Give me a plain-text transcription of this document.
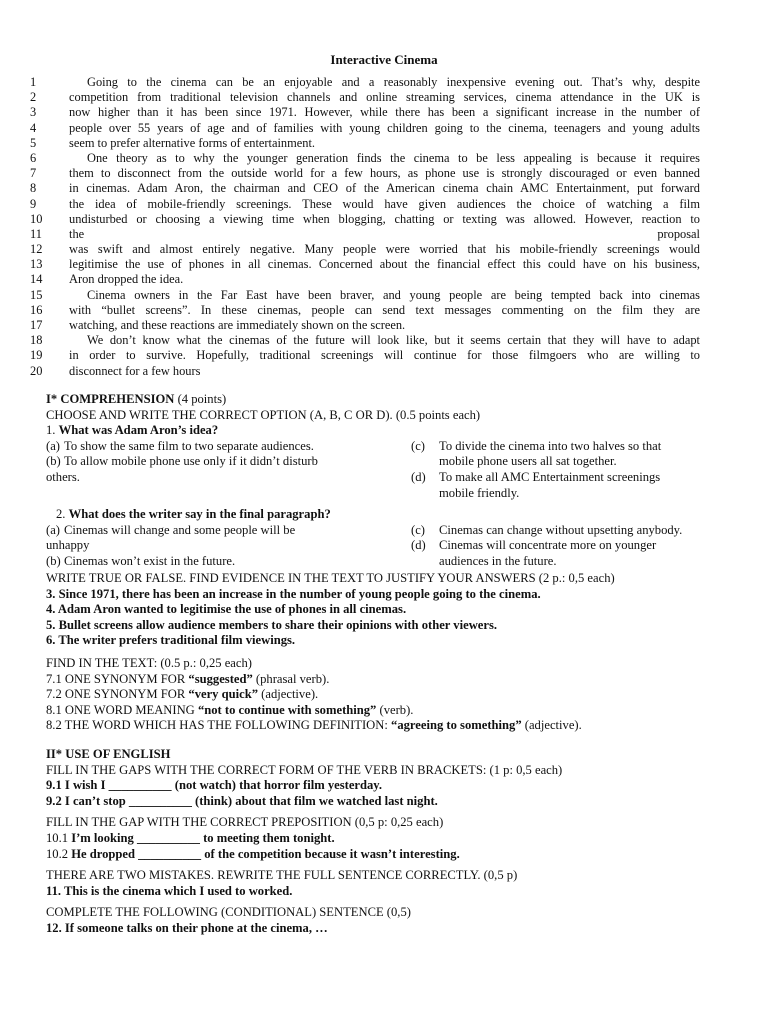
Interactive Cinema
1	Going to the cinema can be an enjoyable and a reasonably inexpensive evening out. That’s why, despite
2	competition from traditional television channels and online streaming services, cinema attendance in the UK is
3	now higher than it has been since 1971. However, while there has been a significant increase in the number of
4	people over 55 years of age and of families with young children going to the cinema, teenagers and young adults
5	seem to prefer alternative forms of entertainment.
6	One theory as to why the younger generation finds the cinema to be less appealing is because it requires
7	them to disconnect from the outside world for a few hours, as phone use is strongly discouraged or even banned
8	in cinemas. Adam Aron, the chairman and CEO of the American cinema chain AMC Entertainment, put forward
9	the idea of mobile-friendly screenings. These would have given audiences the choice of watching a film
10	undisturbed or choosing a viewing time when blogging, chatting or texting was allowed. However, reaction to
11	the proposal
12	was swift and almost entirely negative. Many people were worried that his mobile-friendly screenings would
13	legitimise the use of phones in all cinemas. Concerned about the financial effect this could have on his business,
14	Aron dropped the idea.
15	Cinema owners in the Far East have been braver, and young people are being tempted back into cinemas
16	with “bullet screens”. In these cinemas, people can send text messages commenting on the film they are
17	watching, and these reactions are immediately shown on the screen.
18	We don’t know what the cinemas of the future will look like, but it seems certain that they will have to adapt
19	in order to survive. Hopefully, traditional screenings will continue for those filmgoers who are willing to
20	disconnect for a few hours
I* COMPREHENSION (4 points)
CHOOSE AND WRITE THE CORRECT OPTION (A, B, C OR D). (0.5 points each)
1. What was Adam Aron’s idea?
(a) To show the same film to two separate audiences.
(b) To allow mobile phone use only if it didn’t disturb
others.
(c)	To divide the cinema into two halves so that
mobile phone users all sat together.
(d)	To make all AMC Entertainment screenings
mobile friendly.
2. What does the writer say in the final paragraph?
(a) Cinemas will change and some people will be
unhappy
(b) Cinemas won’t exist in the future.
(c)	Cinemas can change without upsetting anybody.
(d)	Cinemas will concentrate more on younger
audiences in the future.
WRITE TRUE OR FALSE. FIND EVIDENCE IN THE TEXT TO JUSTIFY YOUR ANSWERS (2 p.: 0,5 each)
3. Since 1971, there has been an increase in the number of young people going to the cinema.
4. Adam Aron wanted to legitimise the use of phones in all cinemas.
5. Bullet screens allow audience members to share their opinions with other viewers.
6. The writer prefers traditional film viewings.
FIND IN THE TEXT: (0.5 p.: 0,25 each)
7.1 ONE SYNONYM FOR “suggested” (phrasal verb).
7.2 ONE SYNONYM FOR “very quick” (adjective).
8.1 ONE WORD MEANING “not to continue with something” (verb).
8.2 THE WORD WHICH HAS THE FOLLOWING DEFINITION: “agreeing to something” (adjective).
II* USE OF ENGLISH
FILL IN THE GAPS WITH THE CORRECT FORM OF THE VERB IN BRACKETS: (1 p: 0,5 each)
9.1 I wish I __________ (not watch) that horror film yesterday.
9.2 I can’t stop __________ (think) about that film we watched last night.
FILL IN THE GAP WITH THE CORRECT PREPOSITION (0,5 p: 0,25 each)
10.1 I’m looking __________ to meeting them tonight.
10.2 He dropped __________ of the competition because it wasn’t interesting.
THERE ARE TWO MISTAKES. REWRITE THE FULL SENTENCE CORRECTLY. (0,5 p)
11. This is the cinema which I used to worked.
COMPLETE THE FOLLOWING (CONDITIONAL) SENTENCE (0,5)
12. If someone talks on their phone at the cinema, …
